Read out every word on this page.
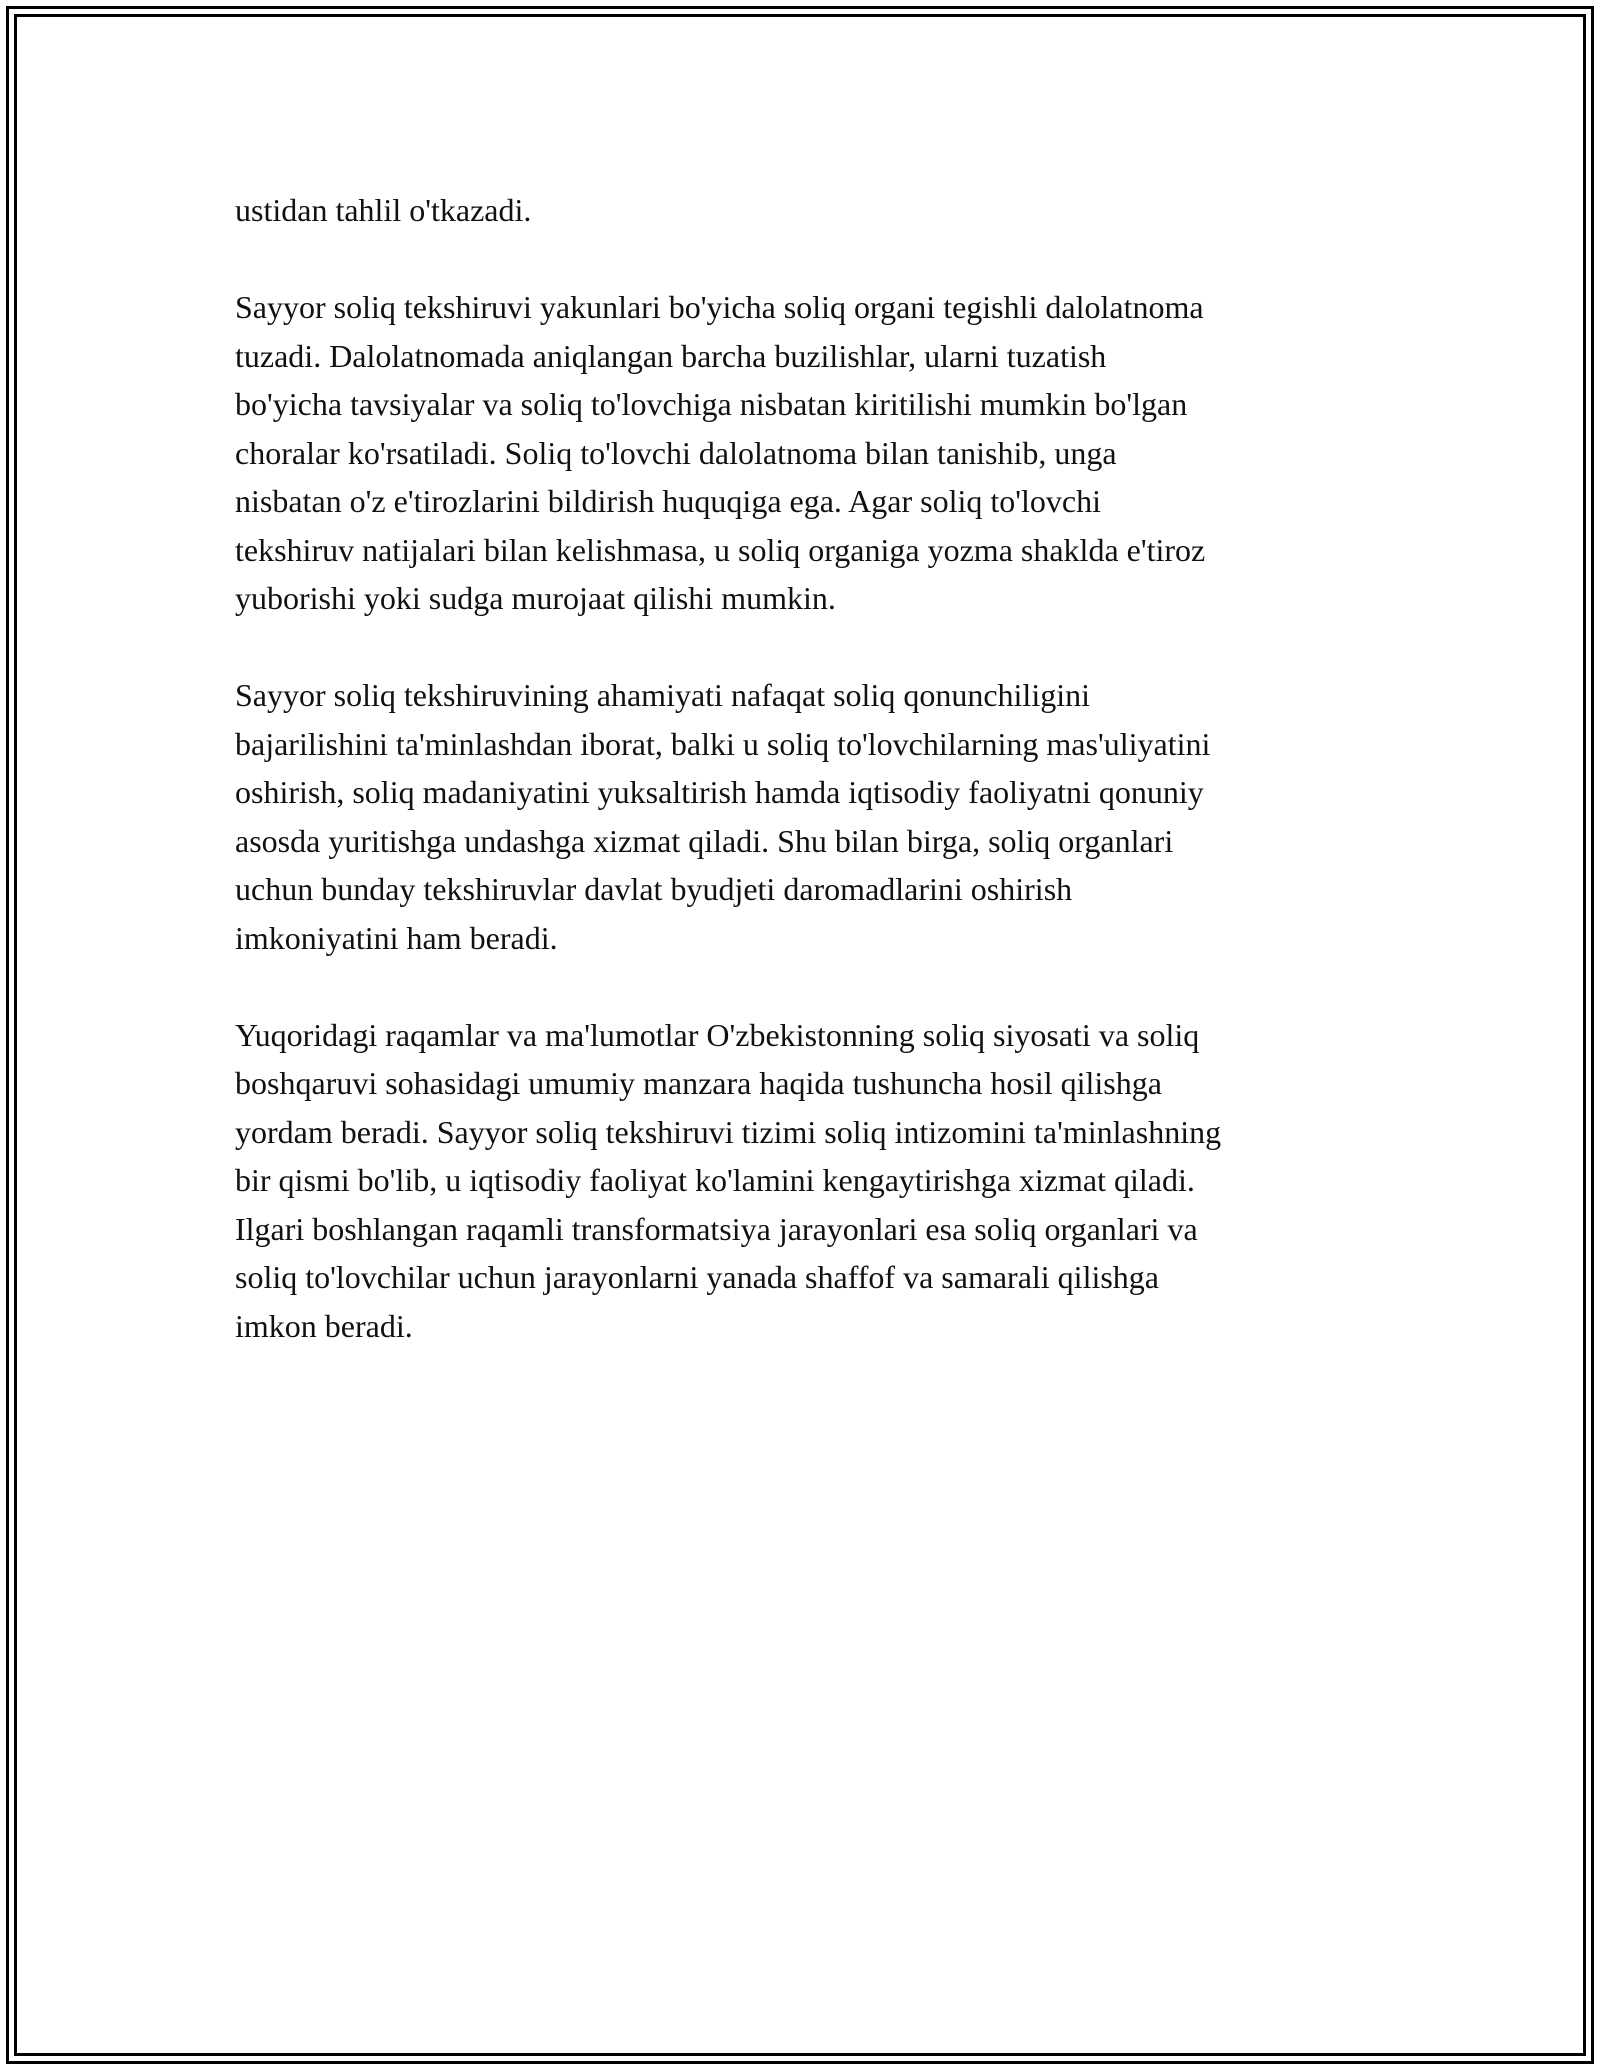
ustidan tahlil o'tkazadi.

Sayyor soliq tekshiruvi yakunlari bo'yicha soliq organi tegishli dalolatnoma
tuzadi. Dalolatnomada aniqlangan barcha buzilishlar, ularni tuzatish
bo'yicha tavsiyalar va soliq to'lovchiga nisbatan kiritilishi mumkin bo'lgan
choralar ko'rsatiladi. Soliq to'lovchi dalolatnoma bilan tanishib, unga
nisbatan o'z e'tirozlarini bildirish huquqiga ega. Agar soliq to'lovchi
tekshiruv natijalari bilan kelishmasa, u soliq organiga yozma shaklda e'tiroz
yuborishi yoki sudga murojaat qilishi mumkin.

Sayyor soliq tekshiruvining ahamiyati nafaqat soliq qonunchiligini
bajarilishini ta'minlashdan iborat, balki u soliq to'lovchilarning mas'uliyatini
oshirish, soliq madaniyatini yuksaltirish hamda iqtisodiy faoliyatni qonuniy
asosda yuritishga undashga xizmat qiladi. Shu bilan birga, soliq organlari
uchun bunday tekshiruvlar davlat byudjeti daromadlarini oshirish
imkoniyatini ham beradi.

Yuqoridagi raqamlar va ma'lumotlar O'zbekistonning soliq siyosati va soliq
boshqaruvi sohasidagi umumiy manzara haqida tushuncha hosil qilishga
yordam beradi. Sayyor soliq tekshiruvi tizimi soliq intizomini ta'minlashning
bir qismi bo'lib, u iqtisodiy faoliyat ko'lamini kengaytirishga xizmat qiladi.
Ilgari boshlangan raqamli transformatsiya jarayonlari esa soliq organlari va
soliq to'lovchilar uchun jarayonlarni yanada shaffof va samarali qilishga
imkon beradi.
